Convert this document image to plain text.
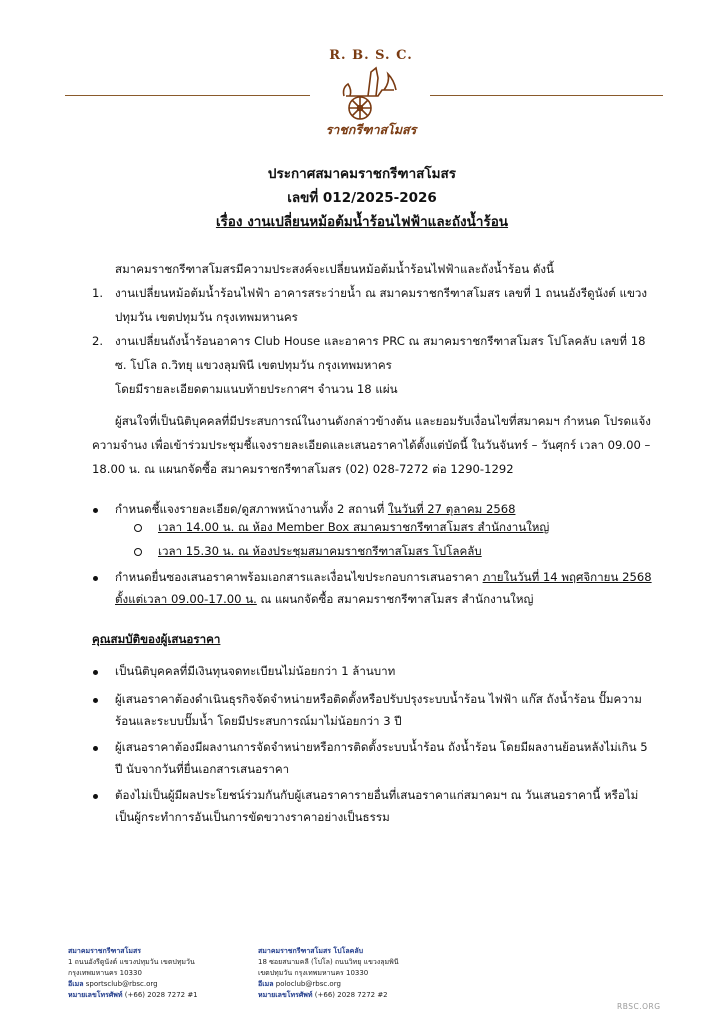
R. B. S. C.
ราชกรีฑาสโมสร
ประกาศสมาคมราชกรีฑาสโมสร
เลขที่ 012/2025-2026
เรื่อง งานเปลี่ยนหม้อต้มน้ำร้อนไฟฟ้าและถังน้ำร้อน
สมาคมราชกรีฑาสโมสรมีความประสงค์จะเปลี่ยนหม้อต้มน้ำร้อนไฟฟ้าและถังน้ำร้อน ดังนี้
1. งานเปลี่ยนหม้อต้มน้ำร้อนไฟฟ้า อาคารสระว่ายน้ำ ณ สมาคมราชกรีฑาสโมสร เลขที่ 1 ถนนอังรีดูนังต์ แขวง
ปทุมวัน เขตปทุมวัน กรุงเทพมหานคร
2. งานเปลี่ยนถังน้ำร้อนอาคาร Club House และอาคาร PRC ณ สมาคมราชกรีฑาสโมสร โปโลคลับ เลขที่ 18
ซ. โปโล ถ.วิทยุ แขวงลุมพินี เขตปทุมวัน กรุงเทพมหาคร
โดยมีรายละเอียดตามแนบท้ายประกาศฯ จำนวน 18 แผ่น
ผู้สนใจที่เป็นนิติบุคคลที่มีประสบการณ์ในงานดังกล่าวข้างต้น และยอมรับเงื่อนไขที่สมาคมฯ กำหนด โปรดแจ้ง
ความจำนง เพื่อเข้าร่วมประชุมชี้แจงรายละเอียดและเสนอราคาได้ตั้งแต่บัดนี้ ในวันจันทร์ – วันศุกร์ เวลา 09.00 –
18.00 น. ณ แผนกจัดซื้อ สมาคมราชกรีฑาสโมสร (02) 028-7272 ต่อ 1290-1292
กำหนดชี้แจงรายละเอียด/ดูสภาพหน้างานทั้ง 2 สถานที่ ในวันที่ 27 ตุลาคม 2568
เวลา 14.00 น. ณ ห้อง Member Box สมาคมราชกรีฑาสโมสร สำนักงานใหญ่
เวลา 15.30 น. ณ ห้องประชุมสมาคมราชกรีฑาสโมสร โปโลคลับ
กำหนดยื่นซองเสนอราคาพร้อมเอกสารและเงื่อนไขประกอบการเสนอราคา ภายในวันที่ 14 พฤศจิกายน 2568
ตั้งแต่เวลา 09.00-17.00 น. ณ แผนกจัดซื้อ สมาคมราชกรีฑาสโมสร สำนักงานใหญ่
คุณสมบัติของผู้เสนอราคา
เป็นนิติบุคคลที่มีเงินทุนจดทะเบียนไม่น้อยกว่า 1 ล้านบาท
ผู้เสนอราคาต้องดำเนินธุรกิจจัดจำหน่ายหรือติดตั้งหรือปรับปรุงระบบน้ำร้อน ไฟฟ้า แก๊ส ถังน้ำร้อน ปั๊มความ
ร้อนและระบบปั๊มน้ำ โดยมีประสบการณ์มาไม่น้อยกว่า 3 ปี
ผู้เสนอราคาต้องมีผลงานการจัดจำหน่ายหรือการติดตั้งระบบน้ำร้อน ถังน้ำร้อน โดยมีผลงานย้อนหลังไม่เกิน 5
ปี นับจากวันที่ยื่นเอกสารเสนอราคา
ต้องไม่เป็นผู้มีผลประโยชน์ร่วมกันกับผู้เสนอราคารายอื่นที่เสนอราคาแก่สมาคมฯ ณ วันเสนอราคานี้ หรือไม่
เป็นผู้กระทำการอันเป็นการขัดขวางราคาอย่างเป็นธรรม
สมาคมราชกรีฑาสโมสร
1 ถนนอังรีดูนังต์ แขวงปทุมวัน เขตปทุมวัน
กรุงเทพมหานคร 10330
อีเมล sportsclub@rbsc.org
หมายเลขโทรศัพท์ (+66) 2028 7272 #1
สมาคมราชกรีฑาสโมสร โปโลคลับ
18 ซอยสนามคลี (โปโล) ถนนวิทยุ แขวงลุมพินี
เขตปทุมวัน กรุงเทพมหานคร 10330
อีเมล poloclub@rbsc.org
หมายเลขโทรศัพท์ (+66) 2028 7272 #2
RBSC.ORG
